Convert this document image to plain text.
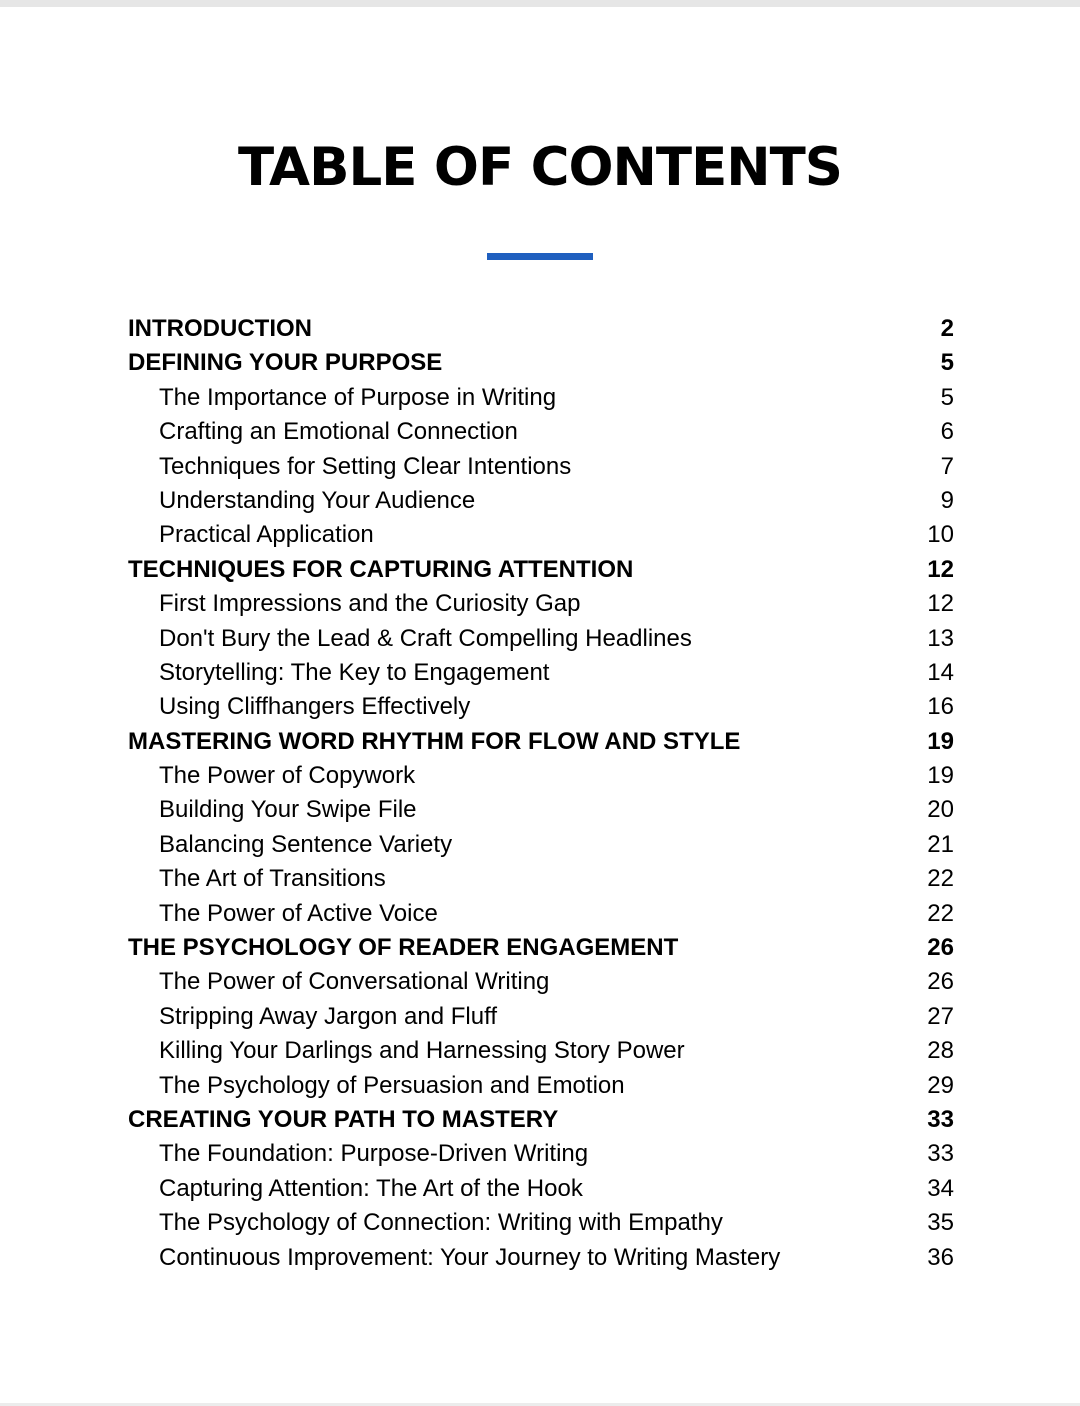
TABLE OF CONTENTS
INTRODUCTION	2
DEFINING YOUR PURPOSE	5
The Importance of Purpose in Writing	5
Crafting an Emotional Connection	6
Techniques for Setting Clear Intentions	7
Understanding Your Audience	9
Practical Application	10
TECHNIQUES FOR CAPTURING ATTENTION	12
First Impressions and the Curiosity Gap	12
Don't Bury the Lead & Craft Compelling Headlines	13
Storytelling: The Key to Engagement	14
Using Cliffhangers Effectively	16
MASTERING WORD RHYTHM FOR FLOW AND STYLE	19
The Power of Copywork	19
Building Your Swipe File	20
Balancing Sentence Variety	21
The Art of Transitions	22
The Power of Active Voice	22
THE PSYCHOLOGY OF READER ENGAGEMENT	26
The Power of Conversational Writing	26
Stripping Away Jargon and Fluff	27
Killing Your Darlings and Harnessing Story Power	28
The Psychology of Persuasion and Emotion	29
CREATING YOUR PATH TO MASTERY	33
The Foundation: Purpose-Driven Writing	33
Capturing Attention: The Art of the Hook	34
The Psychology of Connection: Writing with Empathy	35
Continuous Improvement: Your Journey to Writing Mastery	36
